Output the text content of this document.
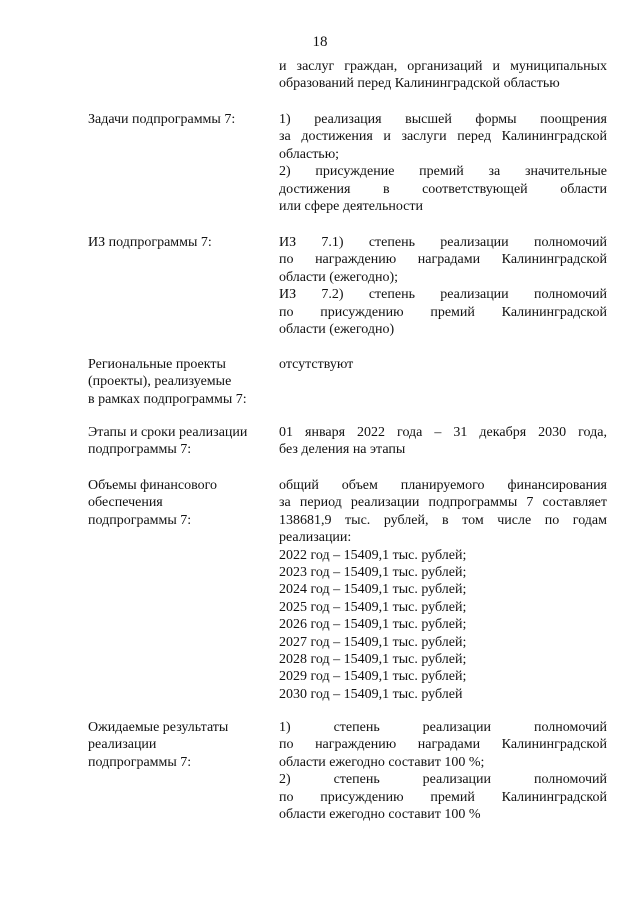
18
и заслуг граждан, организаций и муниципальных
образований перед Калининградской областью
Задачи подпрограммы 7:	1) реализация высшей формы поощрения
за достижения и заслуги перед Калининградской
областью;
2) присуждение премий за значительные
достижения в соответствующей области
или сфере деятельности
ИЗ подпрограммы 7:	ИЗ 7.1) степень реализации полномочий
по награждению наградами Калининградской
области (ежегодно);
ИЗ 7.2) степень реализации полномочий
по присуждению премий Калининградской
области (ежегодно)
Региональные проекты
(проекты), реализуемые
в рамках подпрограммы 7:
отсутствуют
Этапы и сроки реализации
подпрограммы 7:
01 января 2022 года – 31 декабря 2030 года,
без деления на этапы
Объемы финансового
обеспечения
подпрограммы 7:
общий объем планируемого финансирования
за период реализации подпрограммы 7 составляет
138681,9 тыс. рублей, в том числе по годам
реализации:
2022 год – 15409,1 тыс. рублей;
2023 год – 15409,1 тыс. рублей;
2024 год – 15409,1 тыс. рублей;
2025 год – 15409,1 тыс. рублей;
2026 год – 15409,1 тыс. рублей;
2027 год – 15409,1 тыс. рублей;
2028 год – 15409,1 тыс. рублей;
2029 год – 15409,1 тыс. рублей;
2030 год – 15409,1 тыс. рублей
Ожидаемые результаты
реализации
подпрограммы 7:
1) степень реализации полномочий
по награждению наградами Калининградской
области ежегодно составит 100 %;
2) степень реализации полномочий
по присуждению премий Калининградской
области ежегодно составит 100 %
